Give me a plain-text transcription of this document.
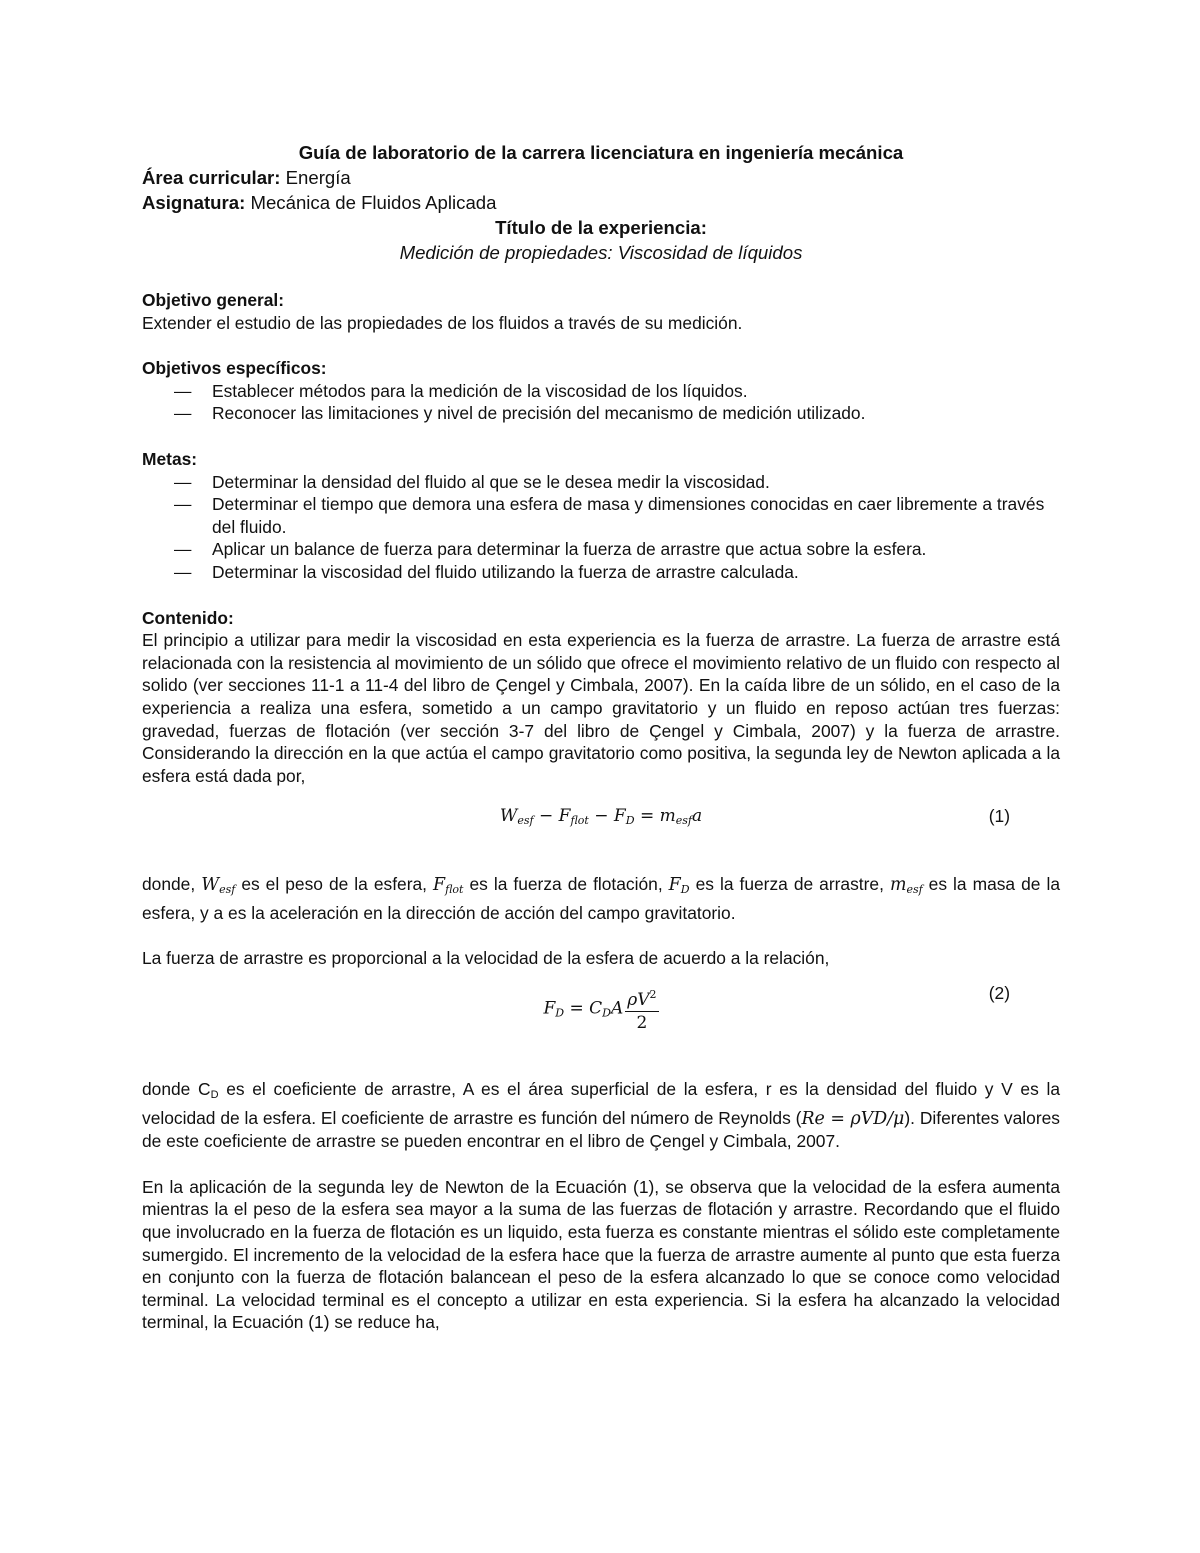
Guía de laboratorio de la carrera licenciatura en ingeniería mecánica
Área curricular: Energía
Asignatura: Mecánica de Fluidos Aplicada
Título de la experiencia:
Medición de propiedades: Viscosidad de líquidos
Objetivo general:
Extender el estudio de las propiedades de los fluidos a través de su medición.
Objetivos específicos:
— Establecer métodos para la medición de la viscosidad de los líquidos.
— Reconocer las limitaciones y nivel de precisión del mecanismo de medición utilizado.
Metas:
— Determinar la densidad del fluido al que se le desea medir la viscosidad.
— Determinar el tiempo que demora una esfera de masa y dimensiones conocidas en caer libremente a través del fluido.
— Aplicar un balance de fuerza para determinar la fuerza de arrastre que actua sobre la esfera.
— Determinar la viscosidad del fluido utilizando la fuerza de arrastre calculada.
Contenido:
El principio a utilizar para medir la viscosidad en esta experiencia es la fuerza de arrastre. La fuerza de arrastre está relacionada con la resistencia al movimiento de un sólido que ofrece el movimiento relativo de un fluido con respecto al solido (ver secciones 11-1 a 11-4 del libro de Çengel y Cimbala, 2007). En la caída libre de un sólido, en el caso de la experiencia a realiza una esfera, sometido a un campo gravitatorio y un fluido en reposo actúan tres fuerzas: gravedad, fuerzas de flotación (ver sección 3-7 del libro de Çengel y Cimbala, 2007) y la fuerza de arrastre. Considerando la dirección en la que actúa el campo gravitatorio como positiva, la segunda ley de Newton aplicada a la esfera está dada por,
$W_{esf} - F_{flot} - F_D = m_{esf}a$	(1)
donde, $W_{esf}$ es el peso de la esfera, $F_{flot}$ es la fuerza de flotación, $F_D$ es la fuerza de arrastre, $m_{esf}$ es la masa de la esfera, y a es la aceleración en la dirección de acción del campo gravitatorio.
La fuerza de arrastre es proporcional a la velocidad de la esfera de acuerdo a la relación,
$F_D = C_DA \frac{\rho V^2}{2}$	(2)
donde $C_D$ es el coeficiente de arrastre, A es el área superficial de la esfera, r es la densidad del fluido y V es la velocidad de la esfera. El coeficiente de arrastre es función del número de Reynolds (Re = ρVD/μ). Diferentes valores de este coeficiente de arrastre se pueden encontrar en el libro de Çengel y Cimbala, 2007.
En la aplicación de la segunda ley de Newton de la Ecuación (1), se observa que la velocidad de la esfera aumenta mientras la el peso de la esfera sea mayor a la suma de las fuerzas de flotación y arrastre. Recordando que el fluido que involucrado en la fuerza de flotación es un liquido, esta fuerza es constante mientras el sólido este completamente sumergido. El incremento de la velocidad de la esfera hace que la fuerza de arrastre aumente al punto que esta fuerza en conjunto con la fuerza de flotación balancean el peso de la esfera alcanzado lo que se conoce como velocidad terminal. La velocidad terminal es el concepto a utilizar en esta experiencia. Si la esfera ha alcanzado la velocidad terminal, la Ecuación (1) se reduce ha,
